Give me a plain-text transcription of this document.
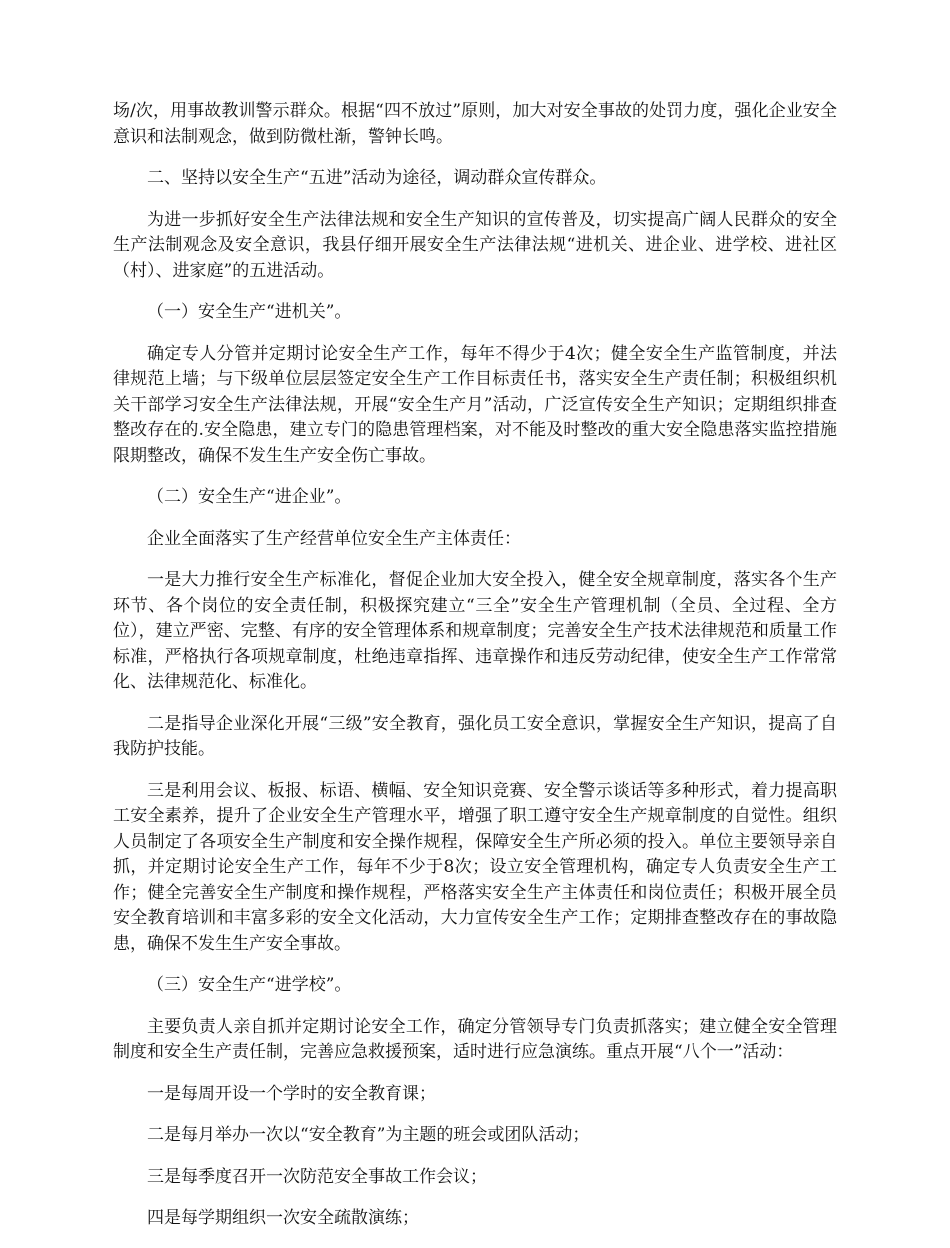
场/次，用事故教训警示群众。根据“四不放过”原则，加大对安全事故的处罚力度，强化企业安全意识和法制观念，做到防微杜渐，警钟长鸣。

二、坚持以安全生产“五进”活动为途径，调动群众宣传群众。

为进一步抓好安全生产法律法规和安全生产知识的宣传普及，切实提高广阔人民群众的安全生产法制观念及安全意识，我县仔细开展安全生产法律法规“进机关、进企业、进学校、进社区（村）、进家庭”的五进活动。

（一）安全生产“进机关”。

确定专人分管并定期讨论安全生产工作，每年不得少于4次；健全安全生产监管制度，并法律规范上墙；与下级单位层层签定安全生产工作目标责任书，落实安全生产责任制；积极组织机关干部学习安全生产法律法规，开展“安全生产月”活动，广泛宣传安全生产知识；定期组织排查整改存在的.安全隐患，建立专门的隐患管理档案，对不能及时整改的重大安全隐患落实监控措施限期整改，确保不发生生产安全伤亡事故。

（二）安全生产“进企业”。

企业全面落实了生产经营单位安全生产主体责任：

一是大力推行安全生产标准化，督促企业加大安全投入，健全安全规章制度，落实各个生产环节、各个岗位的安全责任制，积极探究建立“三全”安全生产管理机制（全员、全过程、全方位），建立严密、完整、有序的安全管理体系和规章制度；完善安全生产技术法律规范和质量工作标准，严格执行各项规章制度，杜绝违章指挥、违章操作和违反劳动纪律，使安全生产工作常常化、法律规范化、标准化。

二是指导企业深化开展“三级”安全教育，强化员工安全意识，掌握安全生产知识，提高了自我防护技能。

三是利用会议、板报、标语、横幅、安全知识竞赛、安全警示谈话等多种形式，着力提高职工安全素养，提升了企业安全生产管理水平，增强了职工遵守安全生产规章制度的自觉性。组织人员制定了各项安全生产制度和安全操作规程，保障安全生产所必须的投入。单位主要领导亲自抓，并定期讨论安全生产工作，每年不少于8次；设立安全管理机构，确定专人负责安全生产工作；健全完善安全生产制度和操作规程，严格落实安全生产主体责任和岗位责任；积极开展全员安全教育培训和丰富多彩的安全文化活动，大力宣传安全生产工作；定期排查整改存在的事故隐患，确保不发生生产安全事故。

（三）安全生产“进学校”。

主要负责人亲自抓并定期讨论安全工作，确定分管领导专门负责抓落实；建立健全安全管理制度和安全生产责任制，完善应急救援预案，适时进行应急演练。重点开展“八个一”活动：

一是每周开设一个学时的安全教育课；

二是每月举办一次以“安全教育”为主题的班会或团队活动；

三是每季度召开一次防范安全事故工作会议；

四是每学期组织一次安全疏散演练；
